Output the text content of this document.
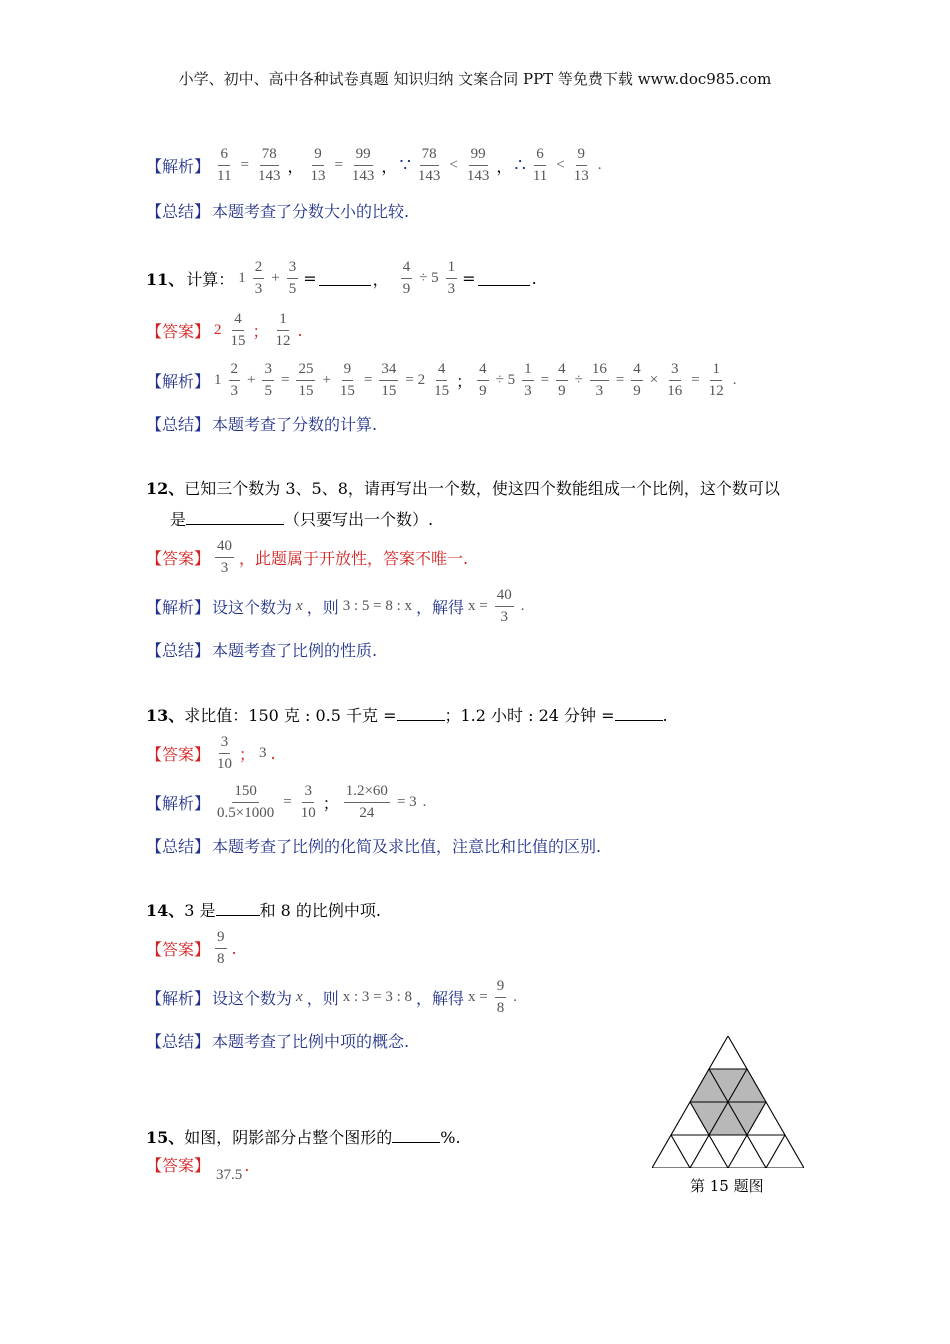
小学、初中、高中各种试卷真题 知识归纳 文案合同 PPT 等免费下载 www.doc985.com
【解析】 $\frac{6}{11} = \frac{78}{143}$ ， $\frac{9}{13} = \frac{99}{143}$ ， ∵ $\frac{78}{143} < \frac{99}{143}$ ， ∴ $\frac{6}{11} < \frac{9}{13}$ .
【总结】 本题考查了分数大小的比较.
11、 计算： $1 \frac{2}{3} + \frac{3}{5}$ =	， $\frac{4}{9} \div 5 \frac{1}{3}$ =	.
【答案】 $2 \frac{4}{15}$ ； $\frac{1}{12}$ .
【解析】 $1 \frac{2}{3} + \frac{3}{5} = \frac{25}{15} + \frac{9}{15} = \frac{34}{15} = 2 \frac{4}{15}$ ； $\frac{4}{9} \div 5 \frac{1}{3} = \frac{4}{9} \div \frac{16}{3} = \frac{4}{9} \times \frac{3}{16} = \frac{1}{12}$ .
【总结】 本题考查了分数的计算.
12、已知三个数为 3、5、8，请再写出一个数，使这四个数能组成一个比例，这个数可以
是	（只要写出一个数）.
【答案】 $\frac{40}{3}$ ，此题属于开放性，答案不唯一.
【解析】 设这个数为 x ，则 3 : 5 = 8 : x ，解得 $x = \frac{40}{3}$ .
【总结】 本题考查了比例的性质.
13、求比值：150 克 : 0.5 千克 =	；1.2 小时 : 24 分钟 =	.
【答案】 $\frac{3}{10}$ ； 3 .
【解析】 $\frac{150}{0.5\times 1000} = \frac{3}{10}$ ； $\frac{1.2\times 60}{24} = 3$ .
【总结】 本题考查了比例的化简及求比值，注意比和比值的区别.
14、3 是	和 8 的比例中项.
【答案】 $\frac{9}{8}$ .
【解析】 设这个数为 x ，则 x : 3 = 3 : 8 ，解得 $x = \frac{9}{8}$ .
【总结】 本题考查了比例中项的概念.
15、如图，阴影部分占整个图形的	%.
【答案】 37.5 .
第 15 题图
